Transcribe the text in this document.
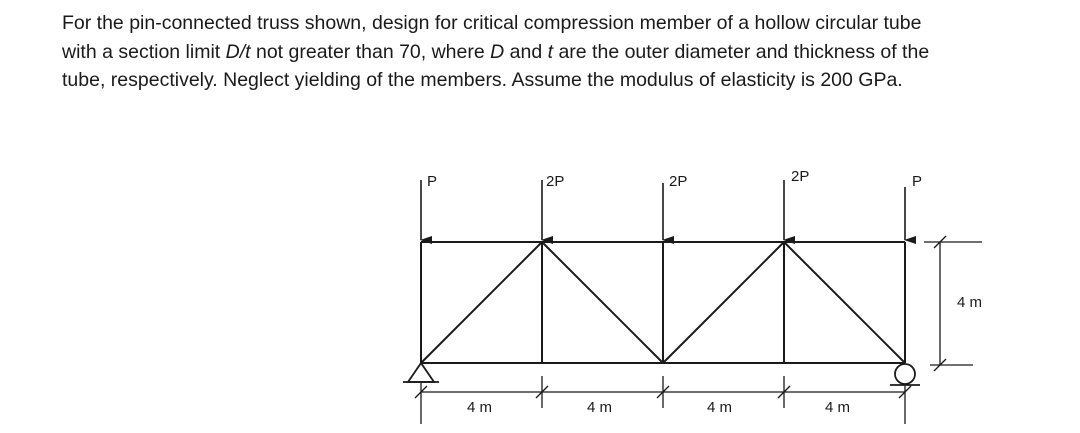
For the pin-connected truss shown, design for critical compression member of a hollow circular tube
with a section limit D/t not greater than 70, where D and t are the outer diameter and thickness of the
tube, respectively. Neglect yielding of the members. Assume the modulus of elasticity is 200 GPa.

P	2P	2P	2P	P
4 m	4 m	4 m	4 m
4 m
